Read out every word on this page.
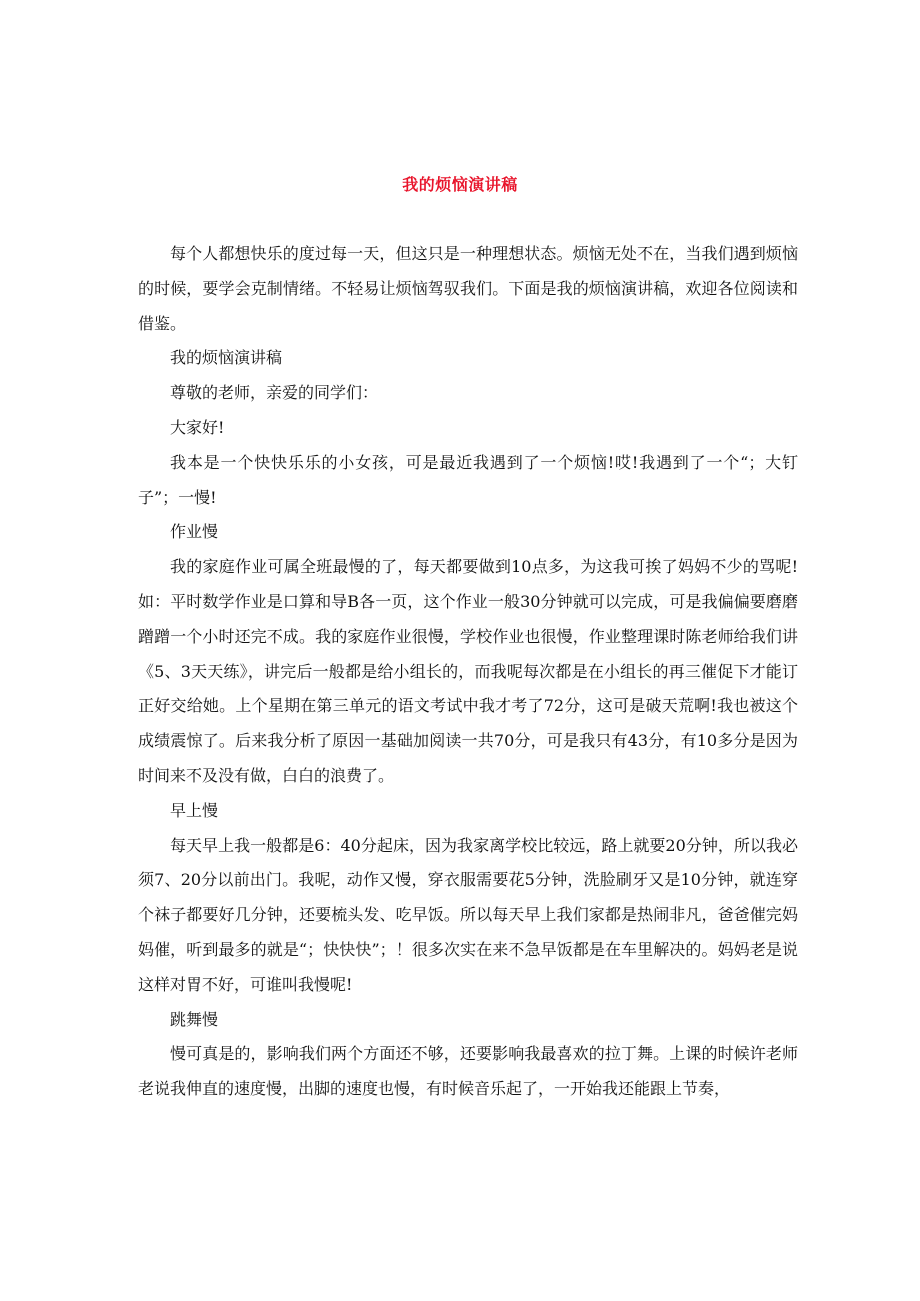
我的烦恼演讲稿

每个人都想快乐的度过每一天，但这只是一种理想状态。烦恼无处不在，当我们遇到烦恼的时候，要学会克制情绪。不轻易让烦恼驾驭我们。下面是我的烦恼演讲稿，欢迎各位阅读和借鉴。

我的烦恼演讲稿

尊敬的老师，亲爱的同学们：

大家好!

我本是一个快快乐乐的小女孩，可是最近我遇到了一个烦恼!哎!我遇到了一个“；大钉子”；一慢!

作业慢

我的家庭作业可属全班最慢的了，每天都要做到10点多，为这我可挨了妈妈不少的骂呢!如：平时数学作业是口算和导B各一页，这个作业一般30分钟就可以完成，可是我偏偏要磨磨蹭蹭一个小时还完不成。我的家庭作业很慢，学校作业也很慢，作业整理课时陈老师给我们讲《5、3天天练》，讲完后一般都是给小组长的，而我呢每次都是在小组长的再三催促下才能订正好交给她。上个星期在第三单元的语文考试中我才考了72分，这可是破天荒啊!我也被这个成绩震惊了。后来我分析了原因一基础加阅读一共70分，可是我只有43分，有10多分是因为时间来不及没有做，白白的浪费了。

早上慢

每天早上我一般都是6：40分起床，因为我家离学校比较远，路上就要20分钟，所以我必须7、20分以前出门。我呢，动作又慢，穿衣服需要花5分钟，洗脸刷牙又是10分钟，就连穿个袜子都要好几分钟，还要梳头发、吃早饭。所以每天早上我们家都是热闹非凡，爸爸催完妈妈催，听到最多的就是“；快快快”；！很多次实在来不急早饭都是在车里解决的。妈妈老是说这样对胃不好，可谁叫我慢呢!

跳舞慢

慢可真是的，影响我们两个方面还不够，还要影响我最喜欢的拉丁舞。上课的时候许老师老说我伸直的速度慢，出脚的速度也慢，有时候音乐起了，一开始我还能跟上节奏，
